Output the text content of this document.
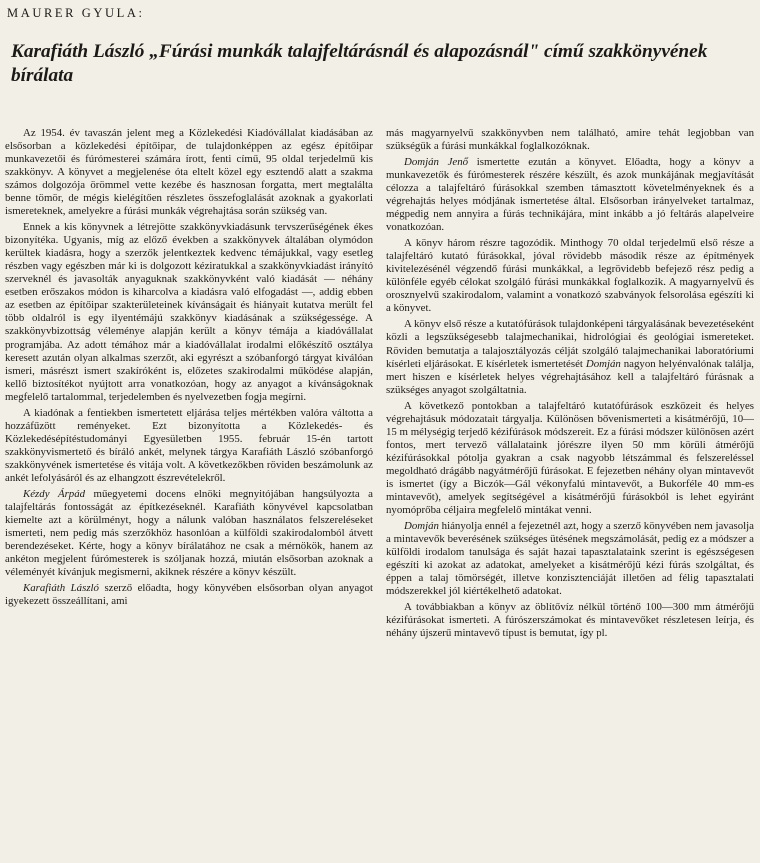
MAURER GYULA:
Karafiáth László „Fúrási munkák talajfeltárásnál és alapozásnál" című szakkönyvének bírálata

Az 1954. év tavaszán jelent meg a Közlekedési Kiadóvállalat kiadásában az elsősorban a közlekedési építőipar, de tulajdonképpen az egész építőipar munkavezetői és fúrómesterei számára írott, fenti című, 95 oldal terjedelmű kis szakkönyv. A könyvet a megjelenése óta eltelt közel egy esztendő alatt a szakma számos dolgozója örömmel vette kezébe és hasznosan forgatta, mert megtalálta benne tömör, de mégis kielégítően részletes összefoglalását azoknak a gyakorlati ismereteknek, amelyekre a fúrási munkák végrehajtása során szükség van.

Ennek a kis könyvnek a létrejötte szakkönyvkiadásunk tervszerűségének ékes bizonyítéka. Ugyanis, míg az előző években a szakkönyvek általában olymódon kerültek kiadásra, hogy a szerzők jelentkeztek kedvenc témájukkal, vagy esetleg részben vagy egészben már ki is dolgozott kéziratukkal a szakkönyvkiadást irányító szerveknél és javasolták anyaguknak szakkönyvként való kiadását — néhány esetben erőszakos módon is kiharcolva a kiadásra való elfogadást —, addig ebben az esetben az építőipar szakterületeinek kívánságait és hiányait kutatva merült fel több oldalról is egy ilyentémájú szakkönyv kiadásának a szükségessége. A szakkönyvbizottság véleménye alapján került a könyv témája a kiadóvállalat programjába. Az adott témához már a kiadóvállalat irodalmi előkészítő osztálya keresett azután olyan alkalmas szerzőt, aki egyrészt a szóbanforgó tárgyat kiválóan ismeri, másrészt ismert szakíróként is, előzetes szakirodalmi működése alapján, kellő biztosítékot nyújtott arra vonatkozóan, hogy az anyagot a kívánságoknak megfelelő tartalommal, terjedelemben és nyelvezetben fogja megírni.

A kiadónak a fentiekben ismertetett eljárása teljes mértékben valóra váltotta a hozzáfűzött reményeket. Ezt bizonyította a Közlekedés- és Közlekedésépítéstudományi Egyesületben 1955. február 15-én tartott szakkönyvismertető és bíráló ankét, melynek tárgya Karafiáth László szóbanforgó szakkönyvének ismertetése és vitája volt. A következőkben röviden beszámolunk az ankét lefolyásáról és az elhangzott észrevételekről.

Kézdy Árpád műegyetemi docens elnöki megnyitójában hangsúlyozta a talajfeltárás fontosságát az építkezéseknél. Karafiáth könyvével kapcsolatban kiemelte azt a körülményt, hogy a nálunk valóban használatos felszereléseket ismerteti, nem pedig más szerzőkhöz hasonlóan a külföldi szakirodalomból átvett berendezéseket. Kérte, hogy a könyv bírálatához ne csak a mérnökök, hanem az ankéton megjelent fúrómesterek is szóljanak hozzá, miután elsősorban azoknak a véleményét kívánjuk megismerni, akiknek részére a könyv készült.

Karafiáth László szerző előadta, hogy könyvében elsősorban olyan anyagot igyekezett összeállítani, ami

más magyarnyelvű szakkönyvben nem található, amire tehát legjobban van szükségük a fúrási munkákkal foglalkozóknak.

Domján Jenő ismertette ezután a könyvet. Előadta, hogy a könyv a munkavezetők és fúrómesterek részére készült, és azok munkájának megjavítását célozza a talajfeltáró fúrásokkal szemben támasztott követelményeknek és a végrehajtás helyes módjának ismertetése által. Elsősorban irányelveket tartalmaz, mégpedig nem annyira a fúrás technikájára, mint inkább a jó feltárás alapelveire vonatkozóan.

A könyv három részre tagozódik. Minthogy 70 oldal terjedelmű első része a talajfeltáró kutató fúrásokkal, jóval rövidebb második része az építmények kivitelezésénél végzendő fúrási munkákkal, a legrövidebb befejező rész pedig a különféle egyéb célokat szolgáló fúrási munkákkal foglalkozik. A magyarnyelvű és orosznyelvű szakirodalom, valamint a vonatkozó szabványok felsorolása egészíti ki a könyvet.

A könyv első része a kutatófúrások tulajdonképeni tárgyalásának bevezetéseként közli a legszükségesebb talajmechanikai, hidrológiai és geológiai ismereteket. Röviden bemutatja a talajosztályozás célját szolgáló talajmechanikai laboratóriumi kísérleti eljárásokat. E kísérletek ismertetését Domján nagyon helyénvalónak találja, mert hiszen e kísérletek helyes végrehajtásához kell a talajfeltáró fúrásnak a szükséges anyagot szolgáltatnia.

A következő pontokban a talajfeltáró kutatófúrások eszközeit és helyes végrehajtásuk módozatait tárgyalja. Különösen bővenismerteti a kisátmérőjű, 10—15 m mélységig terjedő kézifúrások módszereit. Ez a fúrási módszer különösen azért fontos, mert tervező vállalataink jórészre ilyen 50 mm körüli átmérőjű kézifúrásokkal pótolja gyakran a csak nagyobb létszámmal és felszereléssel megoldható drágább nagyátmérőjű fúrásokat. E fejezetben néhány olyan mintavevőt is ismertet (így a Biczók—Gál vékonyfalú mintavevőt, a Bukorféle 40 mm-es mintavevőt), amelyek segítségével a kisátmérőjű fúrásokból is lehet egyiránt nyomóprőba céljaira megfelelő mintákat venni.

Domján hiányolja ennél a fejezetnél azt, hogy a szerző könyvében nem javasolja a mintavevők beverésének szükséges ütésének megszámolását, pedig ez a módszer a külföldi irodalom tanulsága és saját hazai tapasztalataink szerint is egészségesen egészíti ki azokat az adatokat, amelyeket a kisátmérőjű kézi fúrás szolgáltat, és éppen a talaj tömörségét, illetve konzisztenciáját illetően ad félig tapasztalati módszerekkel jól kiértékelhető adatokat.

A továbbiakban a könyv az öblítővíz nélkül történő 100—300 mm átmérőjű kézifúrásokat ismerteti. A fúrószerszámokat és mintavevőket részletesen leírja, és néhány újszerű mintavevő típust is bemutat, így pl.
